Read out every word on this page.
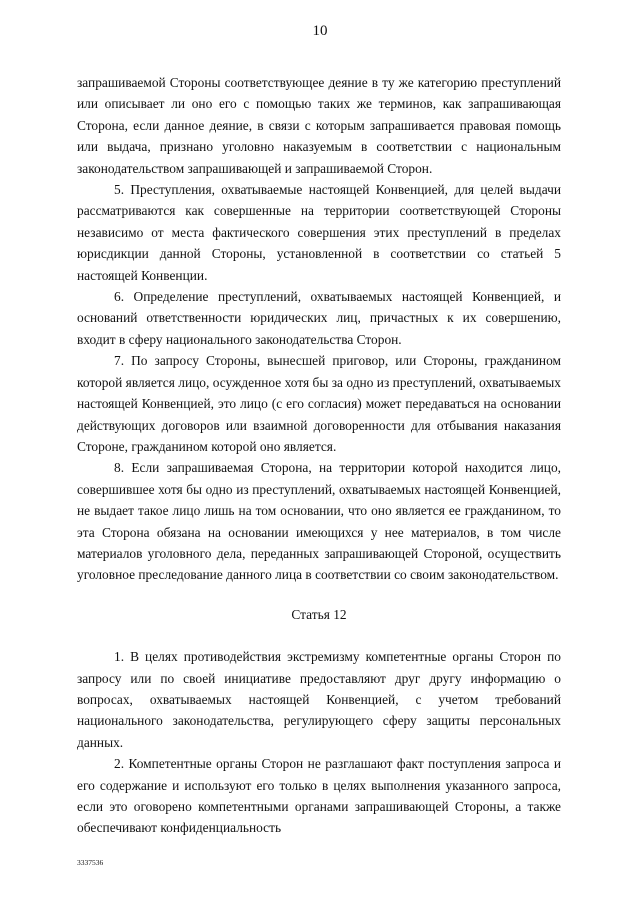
10

запрашиваемой Стороны соответствующее деяние в ту же категорию преступлений или описывает ли оно его с помощью таких же терминов, как запрашивающая Сторона, если данное деяние, в связи с которым запрашивается правовая помощь или выдача, признано уголовно наказуемым в соответствии с национальным законодательством запрашивающей и запрашиваемой Сторон.

5. Преступления, охватываемые настоящей Конвенцией, для целей выдачи рассматриваются как совершенные на территории соответствующей Стороны независимо от места фактического совершения этих преступлений в пределах юрисдикции данной Стороны, установленной в соответствии со статьей 5 настоящей Конвенции.

6. Определение преступлений, охватываемых настоящей Конвенцией, и оснований ответственности юридических лиц, причастных к их совершению, входит в сферу национального законодательства Сторон.

7. По запросу Стороны, вынесшей приговор, или Стороны, гражданином которой является лицо, осужденное хотя бы за одно из преступлений, охватываемых настоящей Конвенцией, это лицо (с его согласия) может передаваться на основании действующих договоров или взаимной договоренности для отбывания наказания Стороне, гражданином которой оно является.

8. Если запрашиваемая Сторона, на территории которой находится лицо, совершившее хотя бы одно из преступлений, охватываемых настоящей Конвенцией, не выдает такое лицо лишь на том основании, что оно является ее гражданином, то эта Сторона обязана на основании имеющихся у нее материалов, в том числе материалов уголовного дела, переданных запрашивающей Стороной, осуществить уголовное преследование данного лица в соответствии со своим законодательством.

Статья 12

1. В целях противодействия экстремизму компетентные органы Сторон по запросу или по своей инициативе предоставляют друг другу информацию о вопросах, охватываемых настоящей Конвенцией, с учетом требований национального законодательства, регулирующего сферу защиты персональных данных.

2. Компетентные органы Сторон не разглашают факт поступления запроса и его содержание и используют его только в целях выполнения указанного запроса, если это оговорено компетентными органами запрашивающей Стороны, а также обеспечивают конфиденциальность

3337536
